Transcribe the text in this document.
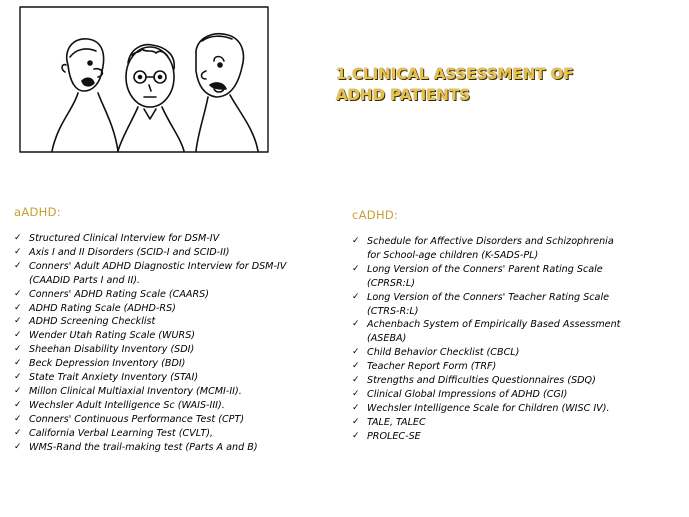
1.CLINICAL ASSESSMENT OF
ADHD PATIENTS
aADHD:
✓ Structured Clinical Interview for DSM-IV
✓ Axis I and II Disorders (SCID-I and SCID-II)
✓ Conners' Adult ADHD Diagnostic Interview for DSM-IV
(CAADID Parts I and II).
✓ Conners' ADHD Rating Scale (CAARS)
✓ ADHD Rating Scale (ADHD-RS)
✓ ADHD Screening Checklist
✓ Wender Utah Rating Scale (WURS)
✓ Sheehan Disability Inventory (SDI)
✓ Beck Depression Inventory (BDI)
✓ State Trait Anxiety Inventory (STAI)
✓ Millon Clinical Multiaxial Inventory (MCMI-II).
✓ Wechsler Adult Intelligence Sc (WAIS-III).
✓ Conners' Continuous Performance Test (CPT)
✓ California Verbal Learning Test (CVLT),
✓ WMS-Rand the trail-making test (Parts A and B)
cADHD:
✓ Schedule for Affective Disorders and Schizophrenia
for School-age children (K-SADS-PL)
✓ Long Version of the Conners' Parent Rating Scale
(CPRSR:L)
✓ Long Version of the Conners' Teacher Rating Scale
(CTRS-R:L)
✓ Achenbach System of Empirically Based Assessment
(ASEBA)
✓ Child Behavior Checklist (CBCL)
✓ Teacher Report Form (TRF)
✓ Strengths and Difficulties Questionnaires (SDQ)
✓ Clinical Global Impressions of ADHD (CGI)
✓ Wechsler Intelligence Scale for Children (WISC IV).
✓ TALE, TALEC
✓ PROLEC-SE
